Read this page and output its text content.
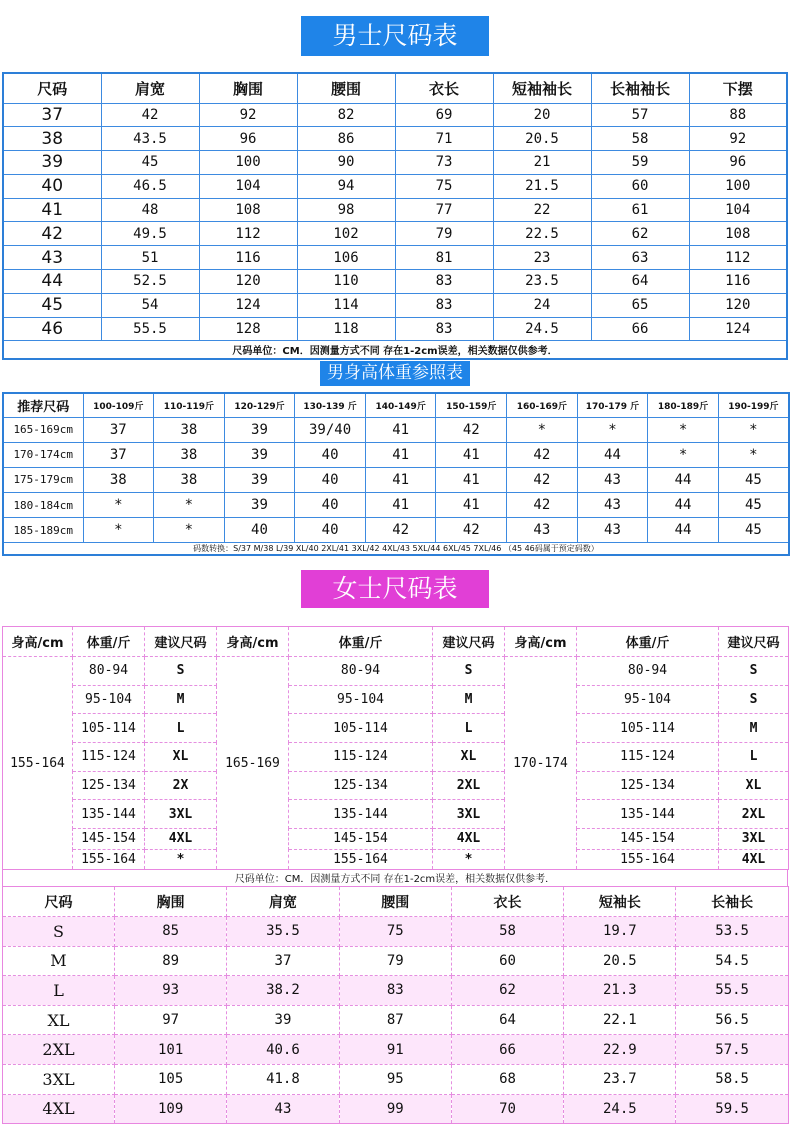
男士尺码表
尺码	肩宽	胸围	腰围	衣长	短袖袖长	长袖袖长	下摆
37	42	92	82	69	20	57	88
38	43.5	96	86	71	20.5	58	92
39	45	100	90	73	21	59	96
40	46.5	104	94	75	21.5	60	100
41	48	108	98	77	22	61	104
42	49.5	112	102	79	22.5	62	108
43	51	116	106	81	23	63	112
44	52.5	120	110	83	23.5	64	116
45	54	124	114	83	24	65	120
46	55.5	128	118	83	24.5	66	124
尺码单位：CM．因测量方式不同 存在1-2cm误差，相关数据仅供参考．							
男身高体重参照表
推荐尺码	100-109斤	110-119斤	120-129斤	130-139 斤	140-149斤	150-159斤	160-169斤	170-179 斤	180-189斤	190-199斤
165-169cm	37	38	39	39/40	41	42	*	*	*	*
170-174cm	37	38	39	40	41	41	42	44	*	*
175-179cm	38	38	39	40	41	41	42	43	44	45
180-184cm	*	*	39	40	41	41	42	43	44	45
185-189cm	*	*	40	40	42	42	43	43	44	45
码数转换：S/37 M/38 L/39 XL/40 2XL/41 3XL/42 4XL/43 5XL/44 6XL/45 7XL/46 （45 46码属于预定码数）										
女士尺码表
身高/cm	体重/斤	建议尺码	身高/cm	体重/斤	建议尺码	身高/cm	体重/斤	建议尺码
155-164	80-94	S	165-169	80-94	S	170-174	80-94	S
	95-104	M		95-104	M		95-104	S
	105-114	L		105-114	L		105-114	M
	115-124	XL		115-124	XL		115-124	L
	125-134	2X		125-134	2XL		125-134	XL
	135-144	3XL		135-144	3XL		135-144	2XL
	145-154	4XL		145-154	4XL		145-154	3XL
	155-164	*		155-164	*		155-164	4XL
尺码单位：CM．因测量方式不同 存在1-2cm误差，相关数据仅供参考．
尺码	胸围	肩宽	腰围	衣长	短袖长	长袖长
S	85	35.5	75	58	19.7	53.5
M	89	37	79	60	20.5	54.5
L	93	38.2	83	62	21.3	55.5
XL	97	39	87	64	22.1	56.5
2XL	101	40.6	91	66	22.9	57.5
3XL	105	41.8	95	68	23.7	58.5
4XL	109	43	99	70	24.5	59.5
